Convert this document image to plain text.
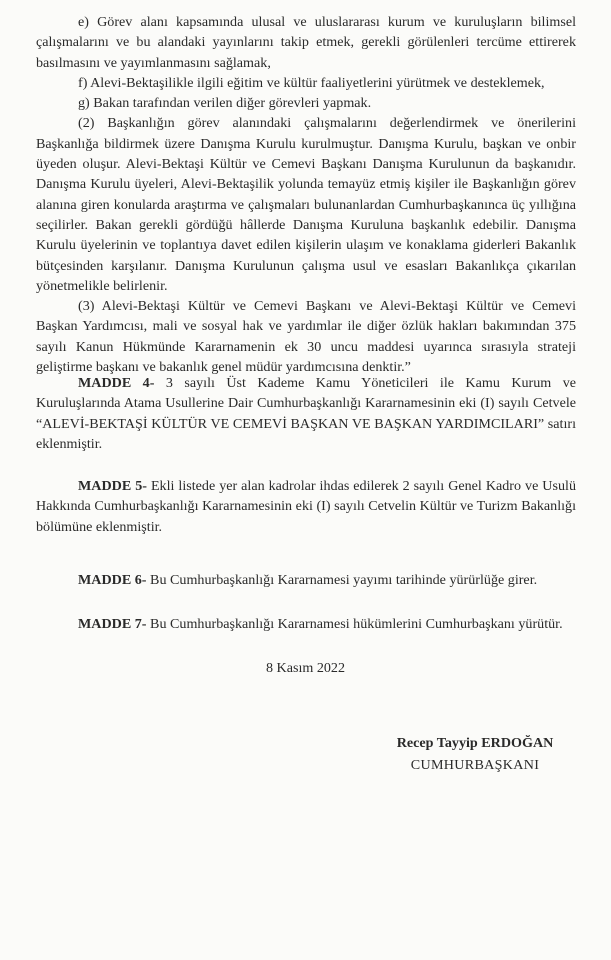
e) Görev alanı kapsamında ulusal ve uluslararası kurum ve kuruluşların bilimsel çalışmalarını ve bu alandaki yayınlarını takip etmek, gerekli görülenleri tercüme ettirerek basılmasını ve yayımlanmasını sağlamak,

f) Alevi-Bektaşilikle ilgili eğitim ve kültür faaliyetlerini yürütmek ve desteklemek,

g) Bakan tarafından verilen diğer görevleri yapmak.

(2) Başkanlığın görev alanındaki çalışmalarını değerlendirmek ve önerilerini Başkanlığa bildirmek üzere Danışma Kurulu kurulmuştur. Danışma Kurulu, başkan ve onbir üyeden oluşur. Alevi-Bektaşi Kültür ve Cemevi Başkanı Danışma Kurulunun da başkanıdır. Danışma Kurulu üyeleri, Alevi-Bektaşilik yolunda temayüz etmiş kişiler ile Başkanlığın görev alanına giren konularda araştırma ve çalışmaları bulunanlardan Cumhurbaşkanınca üç yıllığına seçilirler. Bakan gerekli gördüğü hâllerde Danışma Kuruluna başkanlık edebilir. Danışma Kurulu üyelerinin ve toplantıya davet edilen kişilerin ulaşım ve konaklama giderleri Bakanlık bütçesinden karşılanır. Danışma Kurulunun çalışma usul ve esasları Bakanlıkça çıkarılan yönetmelikle belirlenir.

(3) Alevi-Bektaşi Kültür ve Cemevi Başkanı ve Alevi-Bektaşi Kültür ve Cemevi Başkan Yardımcısı, mali ve sosyal hak ve yardımlar ile diğer özlük hakları bakımından 375 sayılı Kanun Hükmünde Kararnamenin ek 30 uncu maddesi uyarınca sırasıyla strateji geliştirme başkanı ve bakanlık genel müdür yardımcısına denktir.”

MADDE 4- 3 sayılı Üst Kademe Kamu Yöneticileri ile Kamu Kurum ve Kuruluşlarında Atama Usullerine Dair Cumhurbaşkanlığı Kararnamesinin eki (I) sayılı Cetvele “ALEVİ-BEKTAŞİ KÜLTÜR VE CEMEVİ BAŞKAN VE BAŞKAN YARDIMCILARI” satırı eklenmiştir.

MADDE 5- Ekli listede yer alan kadrolar ihdas edilerek 2 sayılı Genel Kadro ve Usulü Hakkında Cumhurbaşkanlığı Kararnamesinin eki (I) sayılı Cetvelin Kültür ve Turizm Bakanlığı bölümüne eklenmiştir.

MADDE 6- Bu Cumhurbaşkanlığı Kararnamesi yayımı tarihinde yürürlüğe girer.

MADDE 7- Bu Cumhurbaşkanlığı Kararnamesi hükümlerini Cumhurbaşkanı yürütür.

8 Kasım 2022
Recep Tayyip ERDOĞAN
CUMHURBAŞKANI
